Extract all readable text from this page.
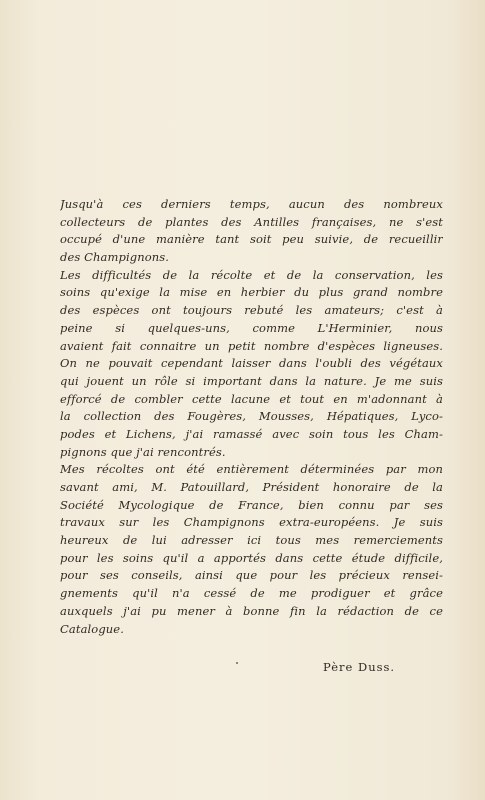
Jusqu'à ces derniers temps, aucun des nombreux
collecteurs de plantes des Antilles françaises, ne s'est
occupé d'une manière tant soit peu suivie, de recueillir
des Champignons.
Les difficultés de la récolte et de la conservation, les
soins qu'exige la mise en herbier du plus grand nombre
des espèces ont toujours rebuté les amateurs; c'est à
peine si quelques-uns, comme L'Herminier, nous
avaient fait connaitre un petit nombre d'espèces ligneuses.
On ne pouvait cependant laisser dans l'oubli des végétaux
qui jouent un rôle si important dans la nature. Je me suis
efforcé de combler cette lacune et tout en m'adonnant à
la collection des Fougères, Mousses, Hépatiques, Lyco-
podes et Lichens, j'ai ramassé avec soin tous les Cham-
pignons que j'ai rencontrés.
Mes récoltes ont été entièrement déterminées par mon
savant ami, M. Patouillard, Président honoraire de la
Société Mycologique de France, bien connu par ses
travaux sur les Champignons extra-européens. Je suis
heureux de lui adresser ici tous mes remerciements
pour les soins qu'il a apportés dans cette étude difficile,
pour ses conseils, ainsi que pour les précieux rensei-
gnements qu'il n'a cessé de me prodiguer et grâce
auxquels j'ai pu mener à bonne fin la rédaction de ce
Catalogue.
Père Duss.
